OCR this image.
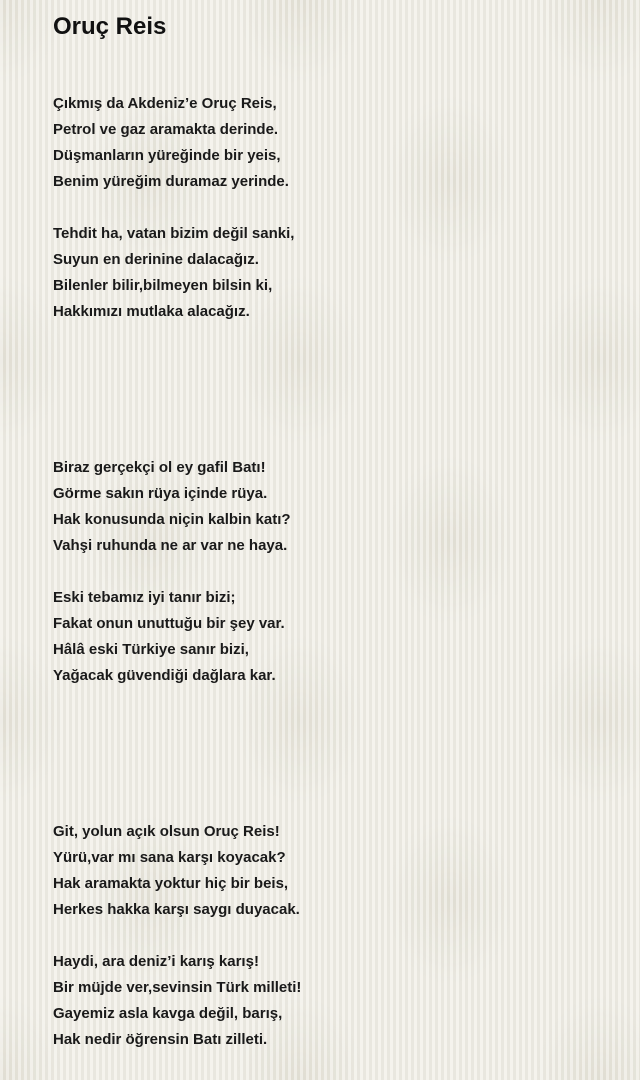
Oruç Reis
Çıkmış da Akdeniz’e Oruç Reis,
Petrol ve gaz aramakta derinde.
Düşmanların yüreğinde bir yeis,
Benim yüreğim duramaz yerinde.
Tehdit ha, vatan bizim değil sanki,
Suyun en derinine dalacağız.
Bilenler bilir,bilmeyen bilsin ki,
Hakkımızı mutlaka alacağız.
Biraz gerçekçi ol ey gafil Batı!
Görme sakın rüya içinde rüya.
Hak konusunda niçin kalbin katı?
Vahşi ruhunda ne ar var ne haya.
Eski tebamız iyi tanır bizi;
Fakat onun unuttuğu bir şey var.
Hâlâ eski Türkiye sanır bizi,
Yağacak güvendiği dağlara kar.
Git, yolun açık olsun Oruç Reis!
Yürü,var mı sana karşı koyacak?
Hak aramakta yoktur hiç bir beis,
Herkes hakka karşı saygı duyacak.
Haydi, ara deniz’i karış karış!
Bir müjde ver,sevinsin Türk milleti!
Gayemiz asla kavga değil, barış,
Hak nedir öğrensin Batı zilleti.
